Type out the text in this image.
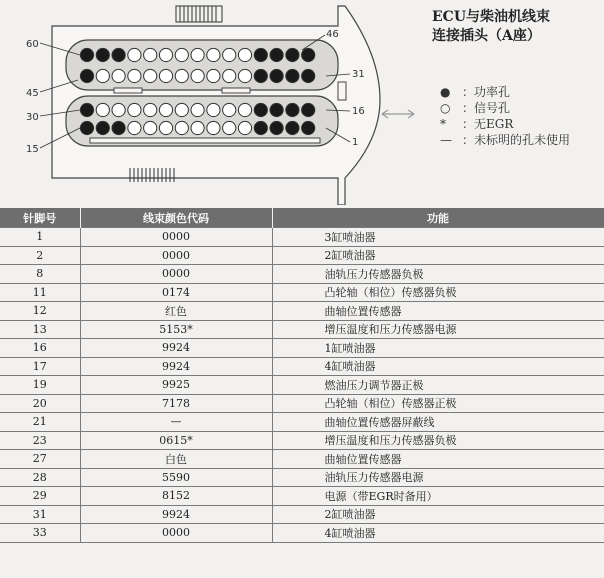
60
45
30
15
46
31
16
1
ECU与柴油机线束
连接插头（A座）
● ：功率孔
○ ：信号孔
* ：无EGR
— ：未标明的孔未使用
针脚号	线束颜色代码	功能
1	0000	3缸喷油器
2	0000	2缸喷油器
8	0000	油轨压力传感器负极
11	0174	凸轮轴（相位）传感器负极
12	红色	曲轴位置传感器
13	5153*	增压温度和压力传感器电源
16	9924	1缸喷油器
17	9924	4缸喷油器
19	9925	燃油压力调节器正极
20	7178	凸轮轴（相位）传感器正极
21	—	曲轴位置传感器屏蔽线
23	0615*	增压温度和压力传感器负极
27	白色	曲轴位置传感器
28	5590	油轨压力传感器电源
29	8152	电源（带EGR时备用）
31	9924	2缸喷油器
33	0000	4缸喷油器
